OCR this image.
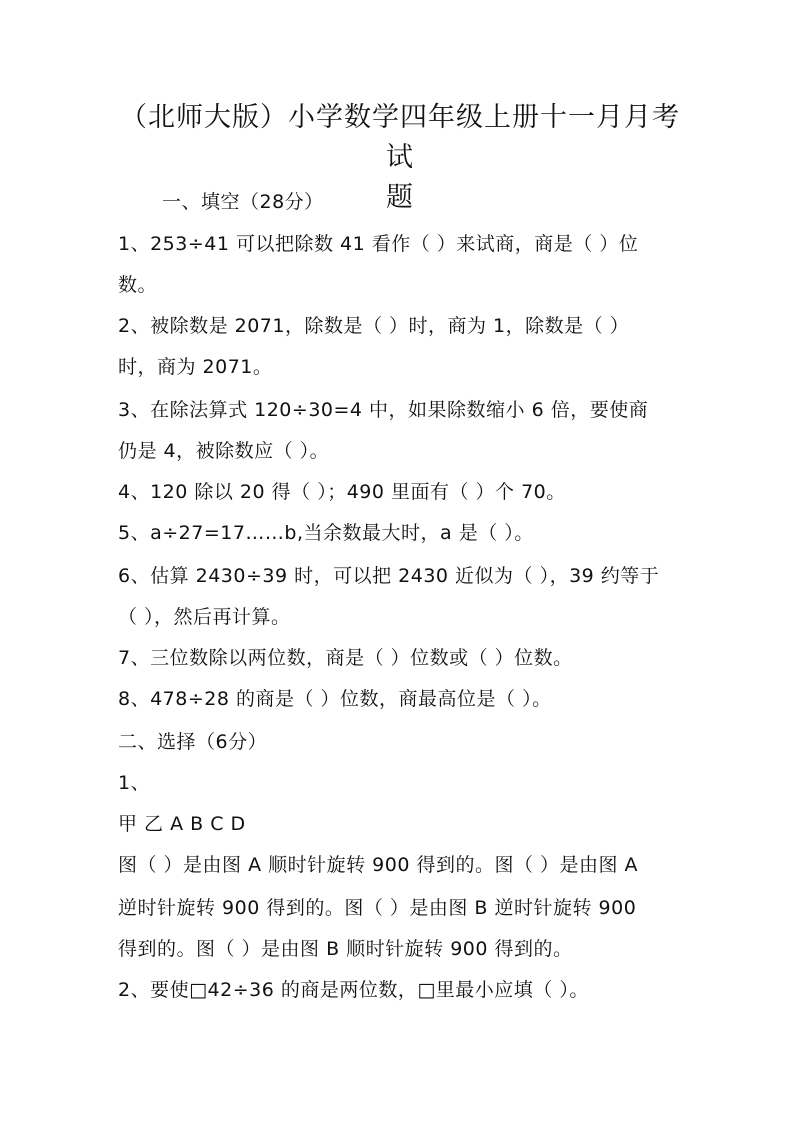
（北师大版）小学数学四年级上册十一月月考试
题
一、填空（28分）
1、253÷41 可以把除数 41 看作（ ）来试商，商是（ ）位
数。
2、被除数是 2071，除数是（ ）时，商为 1，除数是（ ）
时，商为 2071。
3、在除法算式 120÷30=4 中，如果除数缩小 6 倍，要使商
仍是 4，被除数应（ ）。
4、120 除以 20 得（ ）；490 里面有（ ）个 70。
5、a÷27=17……b,当余数最大时，a 是（ ）。
6、估算 2430÷39 时，可以把 2430 近似为（ ），39 约等于
（ ），然后再计算。
7、三位数除以两位数，商是（ ）位数或（ ）位数。
8、478÷28 的商是（ ）位数，商最高位是（ ）。
二、选择（6分）
1、
甲 乙 A B C D
图（ ）是由图 A 顺时针旋转 900 得到的。图（ ）是由图 A
逆时针旋转 900 得到的。图（ ）是由图 B 逆时针旋转 900
得到的。图（ ）是由图 B 顺时针旋转 900 得到的。
2、要使□42÷36 的商是两位数，□里最小应填（ ）。
